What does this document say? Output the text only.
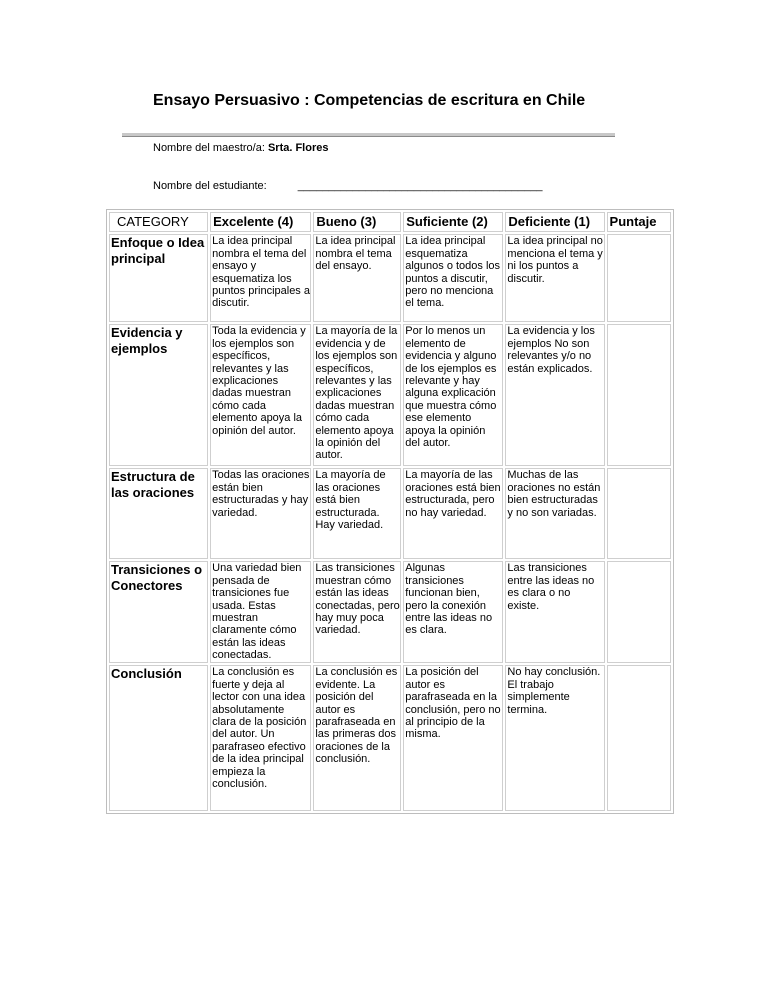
Ensayo Persuasivo : Competencias de escritura en Chile
Nombre del maestro/a: Srta. Flores
Nombre del estudiante:	________________________________________
CATEGORY	Excelente (4)	Bueno (3)	Suficiente (2)	Deficiente (1)	Puntaje
Enfoque o Idea principal	La idea principal nombra el tema del ensayo y esquematiza los puntos principales a discutir.	La idea principal nombra el tema del ensayo.	La idea principal esquematiza algunos o todos los puntos a discutir, pero no menciona el tema.	La idea principal no menciona el tema y ni los puntos a discutir.	
Evidencia y ejemplos	Toda la evidencia y los ejemplos son específicos, relevantes y las explicaciones dadas muestran cómo cada elemento apoya la opinión del autor.	La mayoría de la evidencia y de los ejemplos son específicos, relevantes y las explicaciones dadas muestran cómo cada elemento apoya la opinión del autor.	Por lo menos un elemento de evidencia y alguno de los ejemplos es relevante y hay alguna explicación que muestra cómo ese elemento apoya la opinión del autor.	La evidencia y los ejemplos No son relevantes y/o no están explicados.	
Estructura de las oraciones	Todas las oraciones están bien estructuradas y hay variedad.	La mayoría de las oraciones está bien estructurada. Hay variedad.	La mayoría de las oraciones está bien estructurada, pero no hay variedad.	Muchas de las oraciones no están bien estructuradas y no son variadas.	
Transiciones o Conectores	Una variedad bien pensada de transiciones fue usada. Estas muestran claramente cómo están las ideas conectadas.	Las transiciones muestran cómo están las ideas conectadas, pero hay muy poca variedad.	Algunas transiciones funcionan bien, pero la conexión entre las ideas no es clara.	Las transiciones entre las ideas no es clara o no existe.	
Conclusión	La conclusión es fuerte y deja al lector con una idea absolutamente clara de la posición del autor. Un parafraseo efectivo de la idea principal empieza la conclusión.	La conclusión es evidente. La posición del autor es parafraseada en las primeras dos oraciones de la conclusión.	La posición del autor es parafraseada en la conclusión, pero no al principio de la misma.	No hay conclusión. El trabajo simplemente termina.	
